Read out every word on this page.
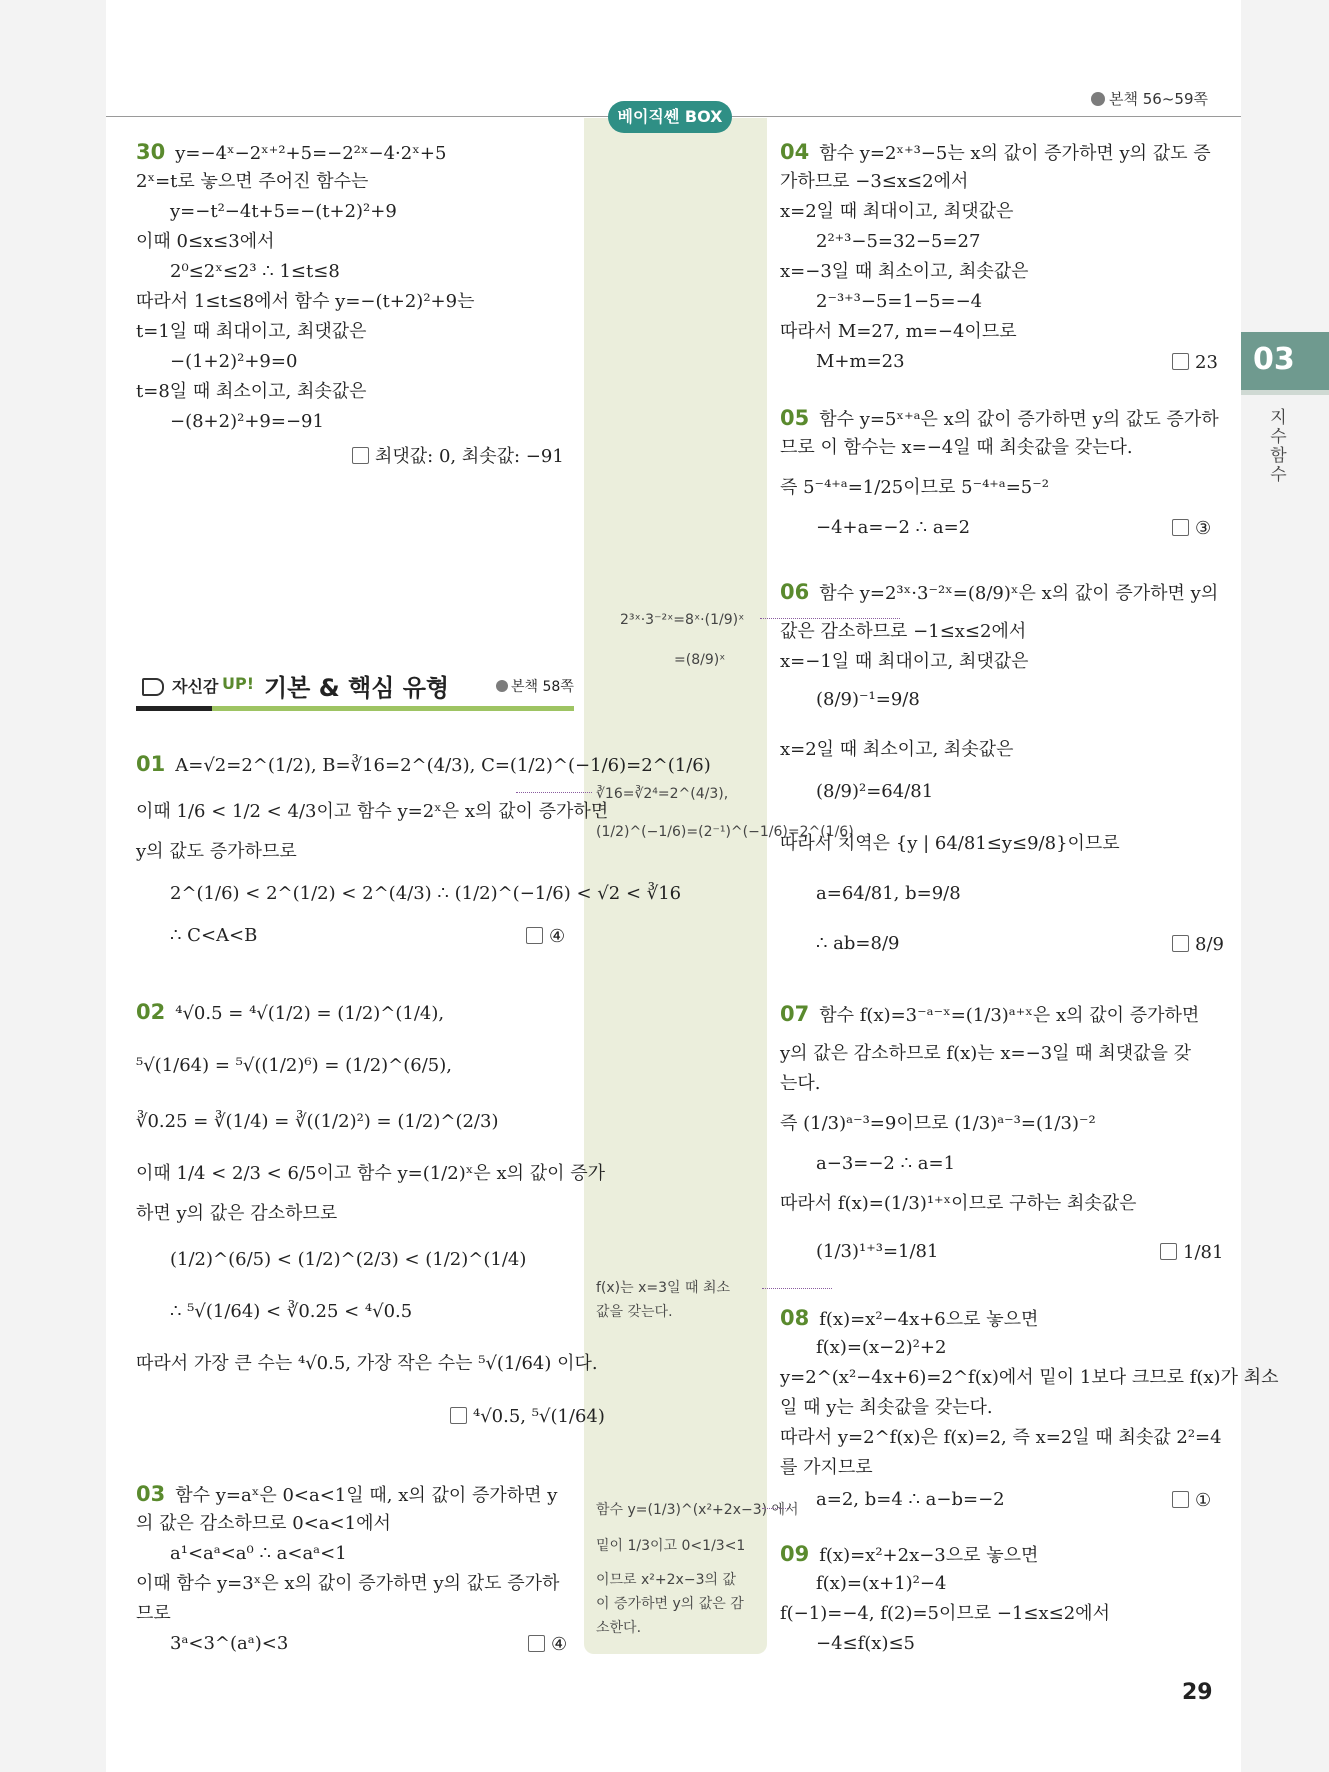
본책 56~59쪽
베이직쎈 BOX
03
지수함수
30 y=−4ˣ−2ˣ⁺²+5=−2²ˣ−4·2ˣ+5
2ˣ=t로 놓으면 주어진 함수는
y=−t²−4t+5=−(t+2)²+9
이때 0≤x≤3에서
2⁰≤2ˣ≤2³ ∴ 1≤t≤8
따라서 1≤t≤8에서 함수 y=−(t+2)²+9는
t=1일 때 최대이고, 최댓값은
−(1+2)²+9=0
t=8일 때 최소이고, 최솟값은
−(8+2)²+9=−91
최댓값: 0, 최솟값: −91
자신감 UP! 기본 & 핵심 유형	본책 58쪽
01 A=√2=2^(1/2), B=∛16=2^(4/3), C=(1/2)^(−1/6)=2^(1/6)
이때 1/6 < 1/2 < 4/3이고 함수 y=2ˣ은 x의 값이 증가하면
y의 값도 증가하므로
2^(1/6) < 2^(1/2) < 2^(4/3) ∴ (1/2)^(−1/6) < √2 < ∛16
∴ C<A<B	④
02 ⁴√0.5 = ⁴√(1/2) = (1/2)^(1/4),
⁵√(1/64) = ⁵√((1/2)⁶) = (1/2)^(6/5),
∛0.25 = ∛(1/4) = ∛((1/2)²) = (1/2)^(2/3)
이때 1/4 < 2/3 < 6/5이고 함수 y=(1/2)ˣ은 x의 값이 증가
하면 y의 값은 감소하므로
(1/2)^(6/5) < (1/2)^(2/3) < (1/2)^(1/4)
∴ ⁵√(1/64) < ∛0.25 < ⁴√0.5
따라서 가장 큰 수는 ⁴√0.5, 가장 작은 수는 ⁵√(1/64) 이다.
⁴√0.5, ⁵√(1/64)
03 함수 y=aˣ은 0<a<1일 때, x의 값이 증가하면 y
의 값은 감소하므로 0<a<1에서
a¹<aᵃ<a⁰ ∴ a<aᵃ<1
이때 함수 y=3ˣ은 x의 값이 증가하면 y의 값도 증가하
므로
3ᵃ<3^(aᵃ)<3	④
2³ˣ·3⁻²ˣ=8ˣ·(1/9)ˣ
=(8/9)ˣ
∛16=∛2⁴=2^(4/3),
(1/2)^(−1/6)=(2⁻¹)^(−1/6)=2^(1/6)
f(x)는 x=3일 때 최소
값을 갖는다.
함수 y=(1/3)^(x²+2x−3) 에서
밑이 1/3이고 0<1/3<1
이므로 x²+2x−3의 값
이 증가하면 y의 값은 감
소한다.
04 함수 y=2ˣ⁺³−5는 x의 값이 증가하면 y의 값도 증
가하므로 −3≤x≤2에서
x=2일 때 최대이고, 최댓값은
2²⁺³−5=32−5=27
x=−3일 때 최소이고, 최솟값은
2⁻³⁺³−5=1−5=−4
따라서 M=27, m=−4이므로
M+m=23	23
05 함수 y=5ˣ⁺ᵃ은 x의 값이 증가하면 y의 값도 증가하
므로 이 함수는 x=−4일 때 최솟값을 갖는다.
즉 5⁻⁴⁺ᵃ=1/25이므로 5⁻⁴⁺ᵃ=5⁻²
−4+a=−2 ∴ a=2	③
06 함수 y=2³ˣ·3⁻²ˣ=(8/9)ˣ은 x의 값이 증가하면 y의
값은 감소하므로 −1≤x≤2에서
x=−1일 때 최대이고, 최댓값은
(8/9)⁻¹=9/8
x=2일 때 최소이고, 최솟값은
(8/9)²=64/81
따라서 치역은 {y | 64/81≤y≤9/8}이므로
a=64/81, b=9/8
∴ ab=8/9	8/9
07 함수 f(x)=3⁻ᵃ⁻ˣ=(1/3)ᵃ⁺ˣ은 x의 값이 증가하면
y의 값은 감소하므로 f(x)는 x=−3일 때 최댓값을 갖
는다.
즉 (1/3)ᵃ⁻³=9이므로 (1/3)ᵃ⁻³=(1/3)⁻²
a−3=−2 ∴ a=1
따라서 f(x)=(1/3)¹⁺ˣ이므로 구하는 최솟값은
(1/3)¹⁺³=1/81	1/81
08 f(x)=x²−4x+6으로 놓으면
f(x)=(x−2)²+2
y=2^(x²−4x+6)=2^f(x)에서 밑이 1보다 크므로 f(x)가 최소
일 때 y는 최솟값을 갖는다.
따라서 y=2^f(x)은 f(x)=2, 즉 x=2일 때 최솟값 2²=4
를 가지므로
a=2, b=4 ∴ a−b=−2	①
09 f(x)=x²+2x−3으로 놓으면
f(x)=(x+1)²−4
f(−1)=−4, f(2)=5이므로 −1≤x≤2에서
−4≤f(x)≤5
29
